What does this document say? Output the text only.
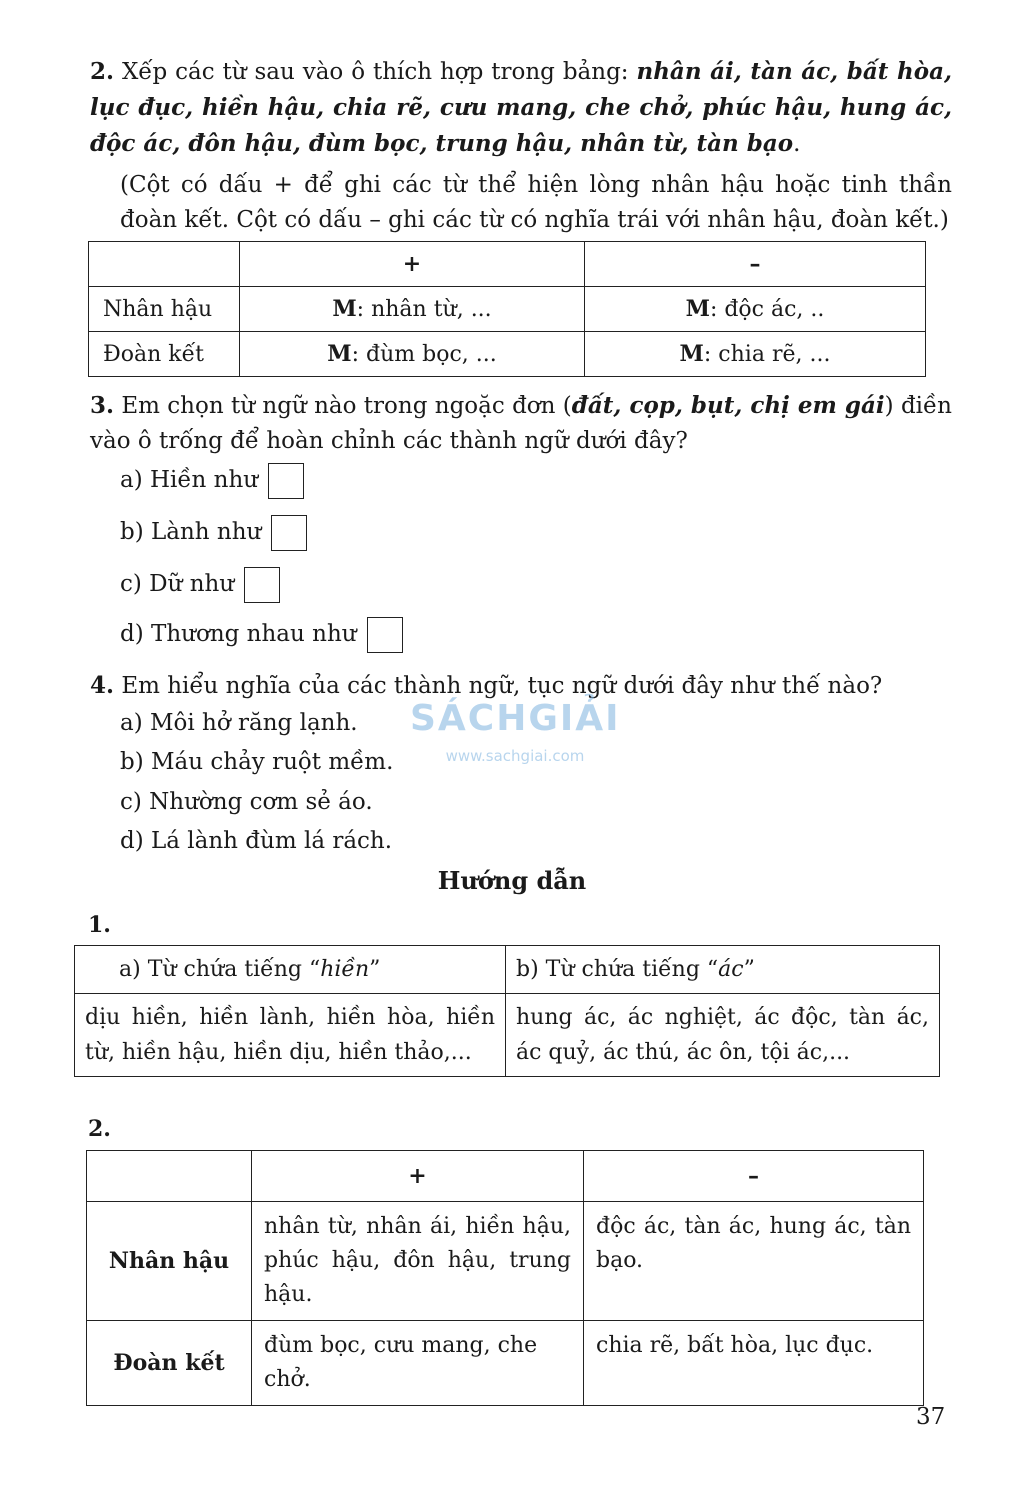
2. Xếp các từ sau vào ô thích hợp trong bảng: nhân ái, tàn ác, bất hòa, lục đục, hiền hậu, chia rẽ, cưu mang, che chở, phúc hậu, hung ác, độc ác, đôn hậu, đùm bọc, trung hậu, nhân từ, tàn bạo.
(Cột có dấu + để ghi các từ thể hiện lòng nhân hậu hoặc tinh thần đoàn kết. Cột có dấu – ghi các từ có nghĩa trái với nhân hậu, đoàn kết.)
	+	–
Nhân hậu	M: nhân từ, ...	M: độc ác, ..
Đoàn kết	M: đùm bọc, ...	M: chia rẽ, ...
3. Em chọn từ ngữ nào trong ngoặc đơn (đất, cọp, bụt, chị em gái) điền vào ô trống để hoàn chỉnh các thành ngữ dưới đây?
a) Hiền như
b) Lành như
c) Dữ như
d) Thương nhau như
4. Em hiểu nghĩa của các thành ngữ, tục ngữ dưới đây như thế nào?
a) Môi hở răng lạnh.
b) Máu chảy ruột mềm.
c) Nhường cơm sẻ áo.
d) Lá lành đùm lá rách.
SÁCHGIẢI
www.sachgiai.com
Hướng dẫn
1.
a) Từ chứa tiếng “hiền”	b) Từ chứa tiếng “ác”
dịu hiền, hiền lành, hiền hòa, hiền từ, hiền hậu, hiền dịu, hiền thảo,...	hung ác, ác nghiệt, ác độc, tàn ác, ác quỷ, ác thú, ác ôn, tội ác,...
2.
	+	–
Nhân hậu	nhân từ, nhân ái, hiền hậu, phúc hậu, đôn hậu, trung hậu.	độc ác, tàn ác, hung ác, tàn bạo.
Đoàn kết	đùm bọc, cưu mang, che chở.	chia rẽ, bất hòa, lục đục.
37
